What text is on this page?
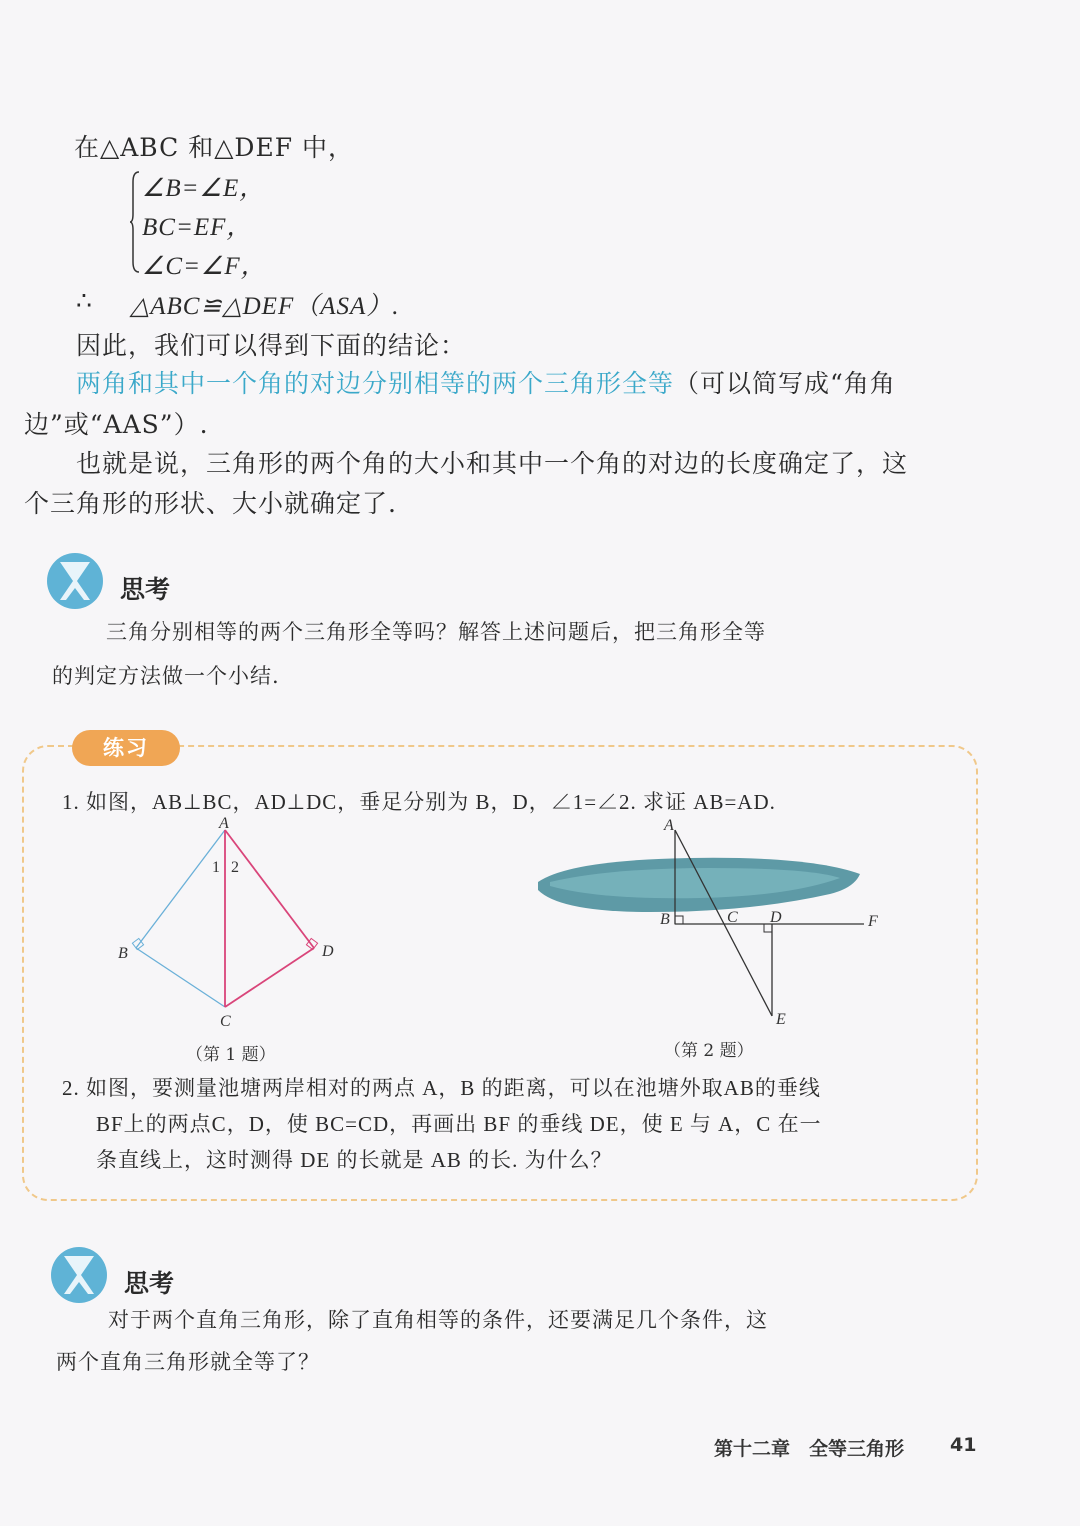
在△ABC 和△DEF 中，
∠B=∠E，
BC=EF，
∠C=∠F，
∴ △ABC≌△DEF（ASA）.
因此，我们可以得到下面的结论：
两角和其中一个角的对边分别相等的两个三角形全等（可以简写成“角角
边”或“AAS”）.
也就是说，三角形的两个角的大小和其中一个角的对边的长度确定了，这
个三角形的形状、大小就确定了.
思考
三角分别相等的两个三角形全等吗？解答上述问题后，把三角形全等
的判定方法做一个小结.
练习
1. 如图，AB⊥BC，AD⊥DC，垂足分别为 B，D，∠1=∠2. 求证 AB=AD.
A
B
C
D
1 2
（第 1 题）
A
B	C D
E
F
（第 2 题）
2. 如图，要测量池塘两岸相对的两点 A，B 的距离，可以在池塘外取AB的垂线
BF上的两点C，D，使 BC=CD，再画出 BF 的垂线 DE，使 E 与 A，C 在一
条直线上，这时测得 DE 的长就是 AB 的长. 为什么？
思考
对于两个直角三角形，除了直角相等的条件，还要满足几个条件，这
两个直角三角形就全等了？
第十二章　全等三角形 41
